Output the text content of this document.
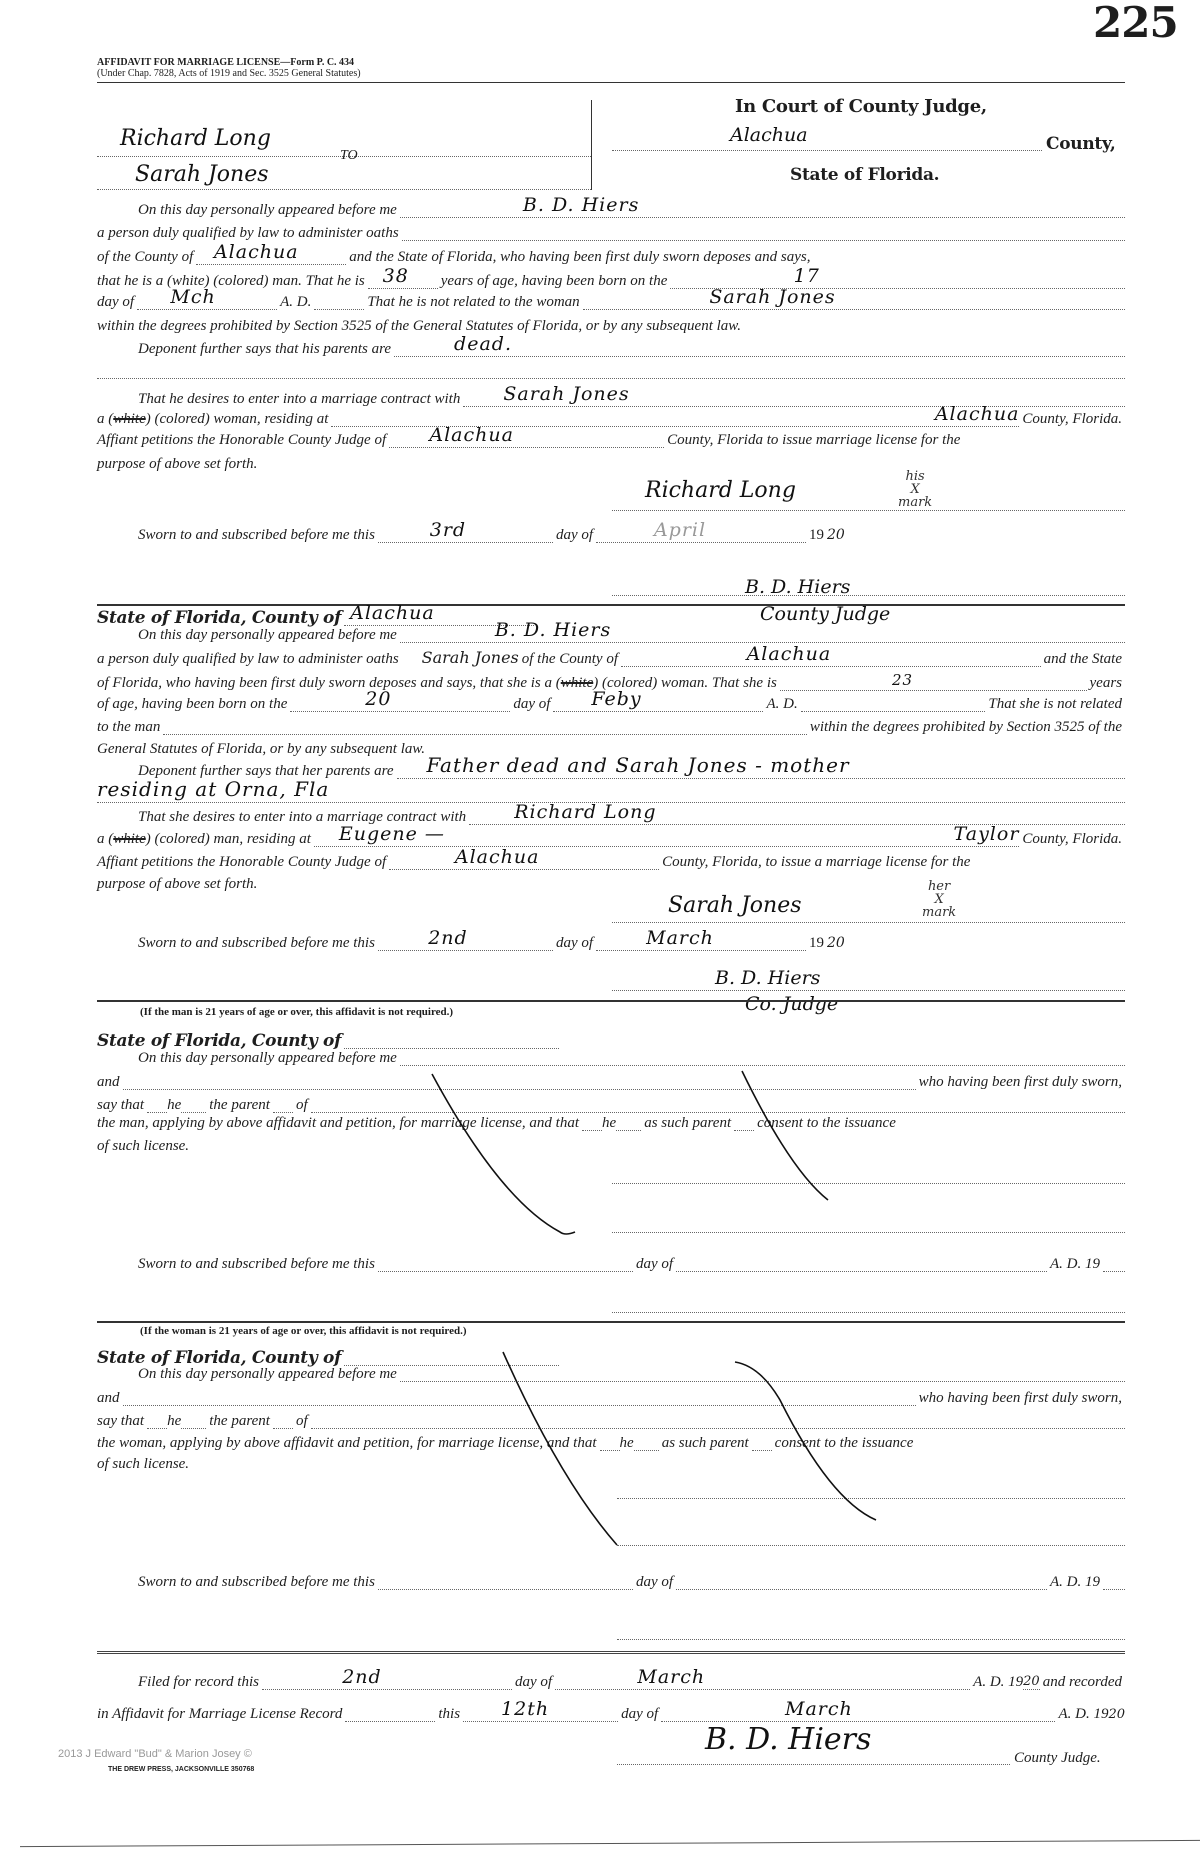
225
AFFIDAVIT FOR MARRIAGE LICENSE—Form P. C. 434
(Under Chap. 7828, Acts of 1919 and Sec. 3525 General Statutes)
In Court of County Judge,
Richard Long
TO
Sarah Jones
Alachua	County,
State of Florida.
On this day personally appeared before me	B. D. Hiers
a person duly qualified by law to administer oaths
of the County of Alachua	and the State of Florida, who having been first duly sworn deposes and says,
that he is a (white) (colored) man. That he is 38 years of age, having been born on the	17
day of Mch	A. D.	That he is not related to the woman	Sarah Jones
within the degrees prohibited by Section 3525 of the General Statutes of Florida, or by any subsequent law.
Deponent further says that his parents are	dead.
That he desires to enter into a marriage contract with Sarah Jones
a ( white ) (colored) woman, residing at	Alachua County, Florida.
Affiant petitions the Honorable County Judge of Alachua	County, Florida to issue marriage license for the
purpose of above set forth.
Richard Long
his
X
mark
Sworn to and subscribed before me this	3rd	day of	April	19 20
B. D. Hiers
County Judge
State of Florida, County of Alachua
On this day personally appeared before me	B. D. Hiers
a person duly qualified by law to administer oaths Sarah Jones of the County of	Alachua	and the State
of Florida, who having been first duly sworn deposes and says, that she is a ( white ) (colored) woman. That she is	23	years
of age, having been born on the	20	day of Feby	A. D.	That she is not related
to the man	within the degrees prohibited by Section 3525 of the
General Statutes of Florida, or by any subsequent law.
Deponent further says that her parents are Father dead and Sarah Jones - mother
residing at Orna, Fla
That she desires to enter into a marriage contract with	Richard Long
a ( white ) (colored) man, residing at Eugene —	Taylor County, Florida.
Affiant petitions the Honorable County Judge of	Alachua	County, Florida, to issue a marriage license for the
purpose of above set forth.
Sarah Jones
her
X
mark
Sworn to and subscribed before me this	2nd	day of	March	19 20
B. D. Hiers
Co. Judge
(If the man is 21 years of age or over, this affidavit is not required.)
State of Florida, County of
On this day personally appeared before me
and	who having been first duly sworn,
say that he the parent of
the man, applying by above affidavit and petition, for marriage license, and that he as such parent consent to the issuance
of such license.
Sworn to and subscribed before me this	day of	A. D. 19
(If the woman is 21 years of age or over, this affidavit is not required.)
State of Florida, County of
On this day personally appeared before me
and	who having been first duly sworn,
say that he the parent of
the woman, applying by above affidavit and petition, for marriage license, and that he as such parent consent to the issuance
of such license.
Sworn to and subscribed before me this	day of	A. D. 19
Filed for record this	2nd	day of	March	A. D. 19 20 and recorded
in Affidavit for Marriage License Record	this 12th	day of	March	A. D. 19 20
B. D. Hiers
County Judge.
2013 J Edward "Bud" & Marion Josey ©
THE DREW PRESS, JACKSONVILLE 350768
